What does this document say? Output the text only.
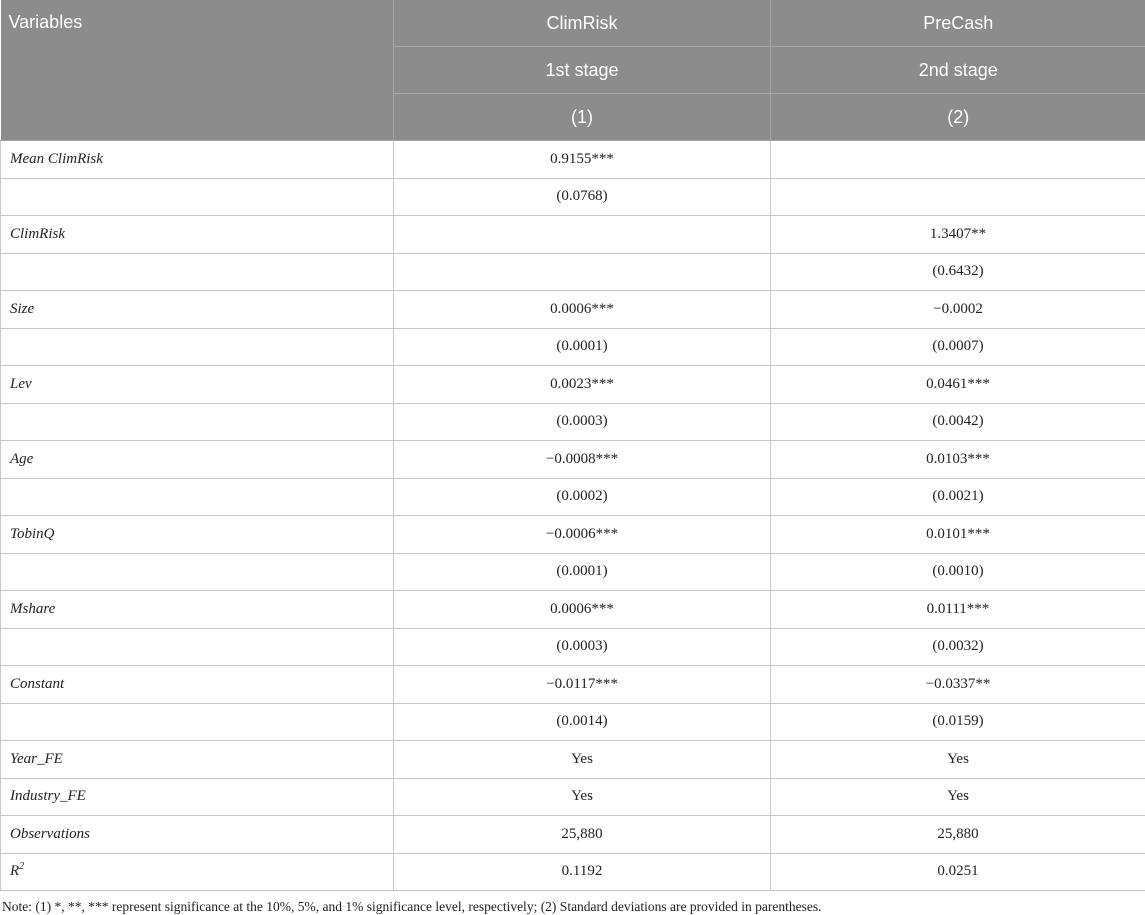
Variables	ClimRisk	PreCash
	1st stage	2nd stage
	(1)	(2)
Mean ClimRisk	0.9155***	
	(0.0768)	
ClimRisk		1.3407**
		(0.6432)
Size	0.0006***	−0.0002
	(0.0001)	(0.0007)
Lev	0.0023***	0.0461***
	(0.0003)	(0.0042)
Age	−0.0008***	0.0103***
	(0.0002)	(0.0021)
TobinQ	−0.0006***	0.0101***
	(0.0001)	(0.0010)
Mshare	0.0006***	0.0111***
	(0.0003)	(0.0032)
Constant	−0.0117***	−0.0337**
	(0.0014)	(0.0159)
Year_FE	Yes	Yes
Industry_FE	Yes	Yes
Observations	25,880	25,880
$R^2$	0.1192	0.0251
Note: (1) *, **, *** represent significance at the 10%, 5%, and 1% significance level, respectively; (2) Standard deviations are provided in parentheses.
